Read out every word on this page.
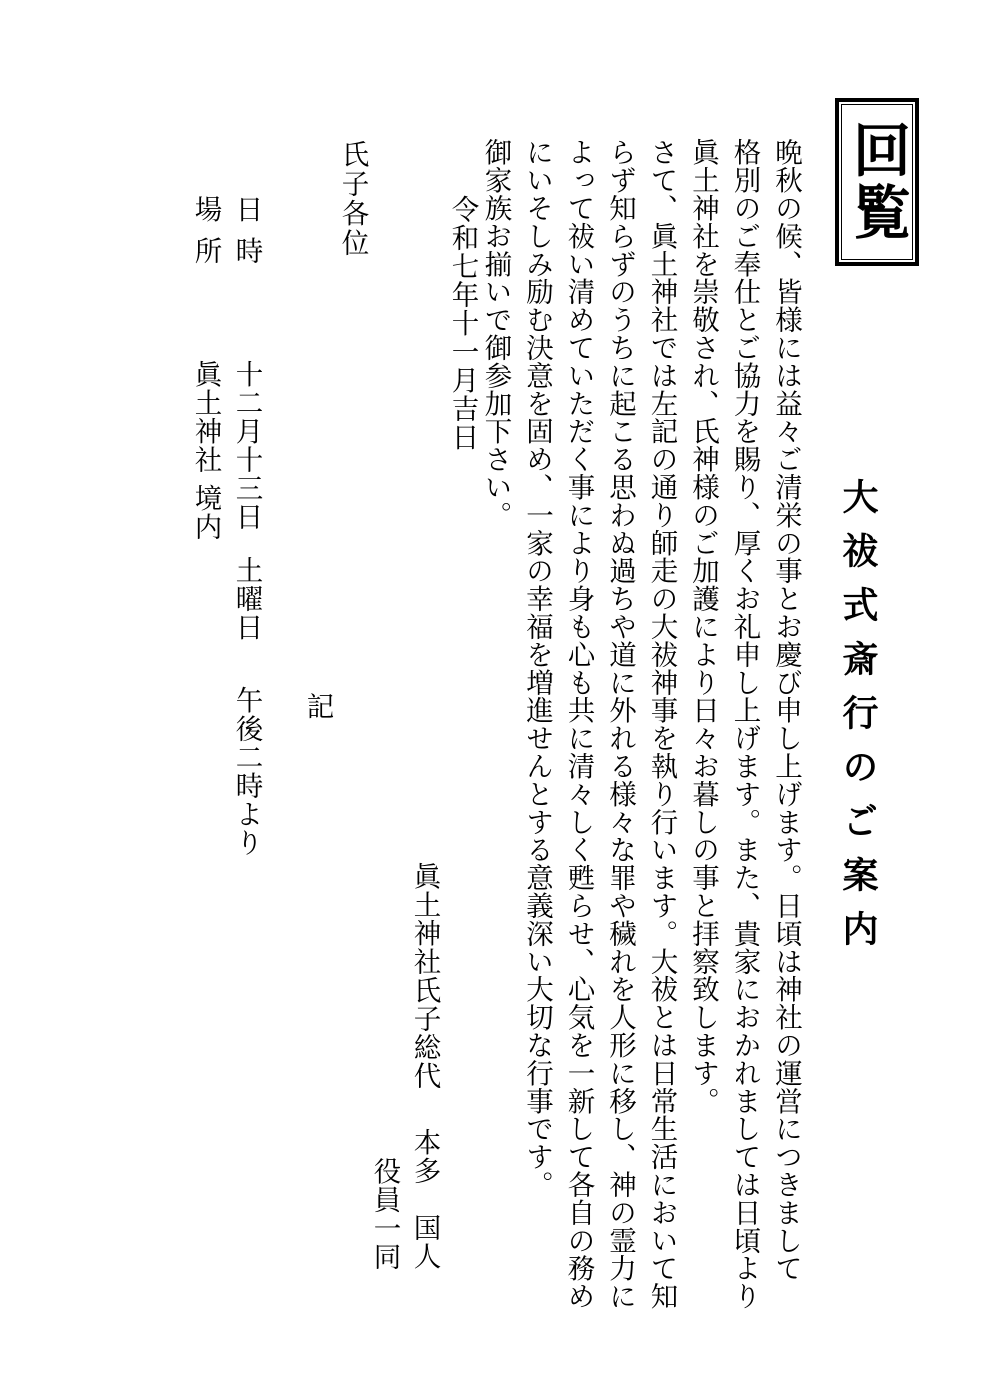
回覧
大祓式斎行のご案内

晩秋の候、皆様には益々ご清栄の事とお慶び申し上げます。日頃は神社の運営につきまして

格別のご奉仕とご協力を賜り、厚くお礼申し上げます。また、貴家におかれましては日頃より

眞土神社を崇敬され、氏神様のご加護により日々お暮しの事と拝察致します。

さて、眞土神社では左記の通り師走の大祓神事を執り行います。大祓とは日常生活において知

らず知らずのうちに起こる思わぬ過ちや道に外れる様々な罪や穢れを人形に移し、神の霊力に

よって祓い清めていただく事により身も心も共に清々しく甦らせ、心気を一新して各自の務め

にいそしみ励む決意を固め、一家の幸福を増進せんとする意義深い大切な行事です。

御家族お揃いで御参加下さい。

令和七年十一月吉日
眞土神社氏子総代
本多　国人
役員一同
氏子各位
記
日時
十二月十三日
土曜日
午後二時より
場所
眞土神社
境内
